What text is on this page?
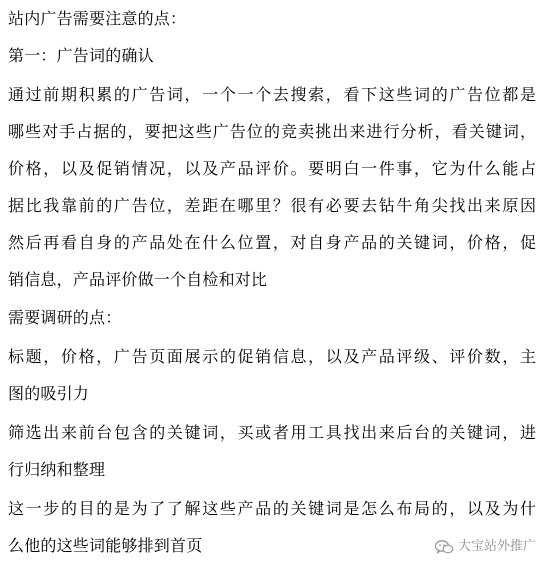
站内广告需要注意的点：
第一：广告词的确认
通过前期积累的广告词，一个一个去搜索，看下这些词的广告位都是
哪些对手占据的，要把这些广告位的竞卖挑出来进行分析，看关键词，
价格，以及促销情况，以及产品评价。要明白一件事，它为什么能占
据比我靠前的广告位，差距在哪里？很有必要去钻牛角尖找出来原因
然后再看自身的产品处在什么位置，对自身产品的关键词，价格，促
销信息，产品评价做一个自检和对比
需要调研的点：
标题，价格，广告页面展示的促销信息，以及产品评级、评价数，主
图的吸引力
筛选出来前台包含的关键词，买或者用工具找出来后台的关键词，进
行归纳和整理
这一步的目的是为了了解这些产品的关键词是怎么布局的，以及为什
么他的这些词能够排到首页	大宝站外推广
